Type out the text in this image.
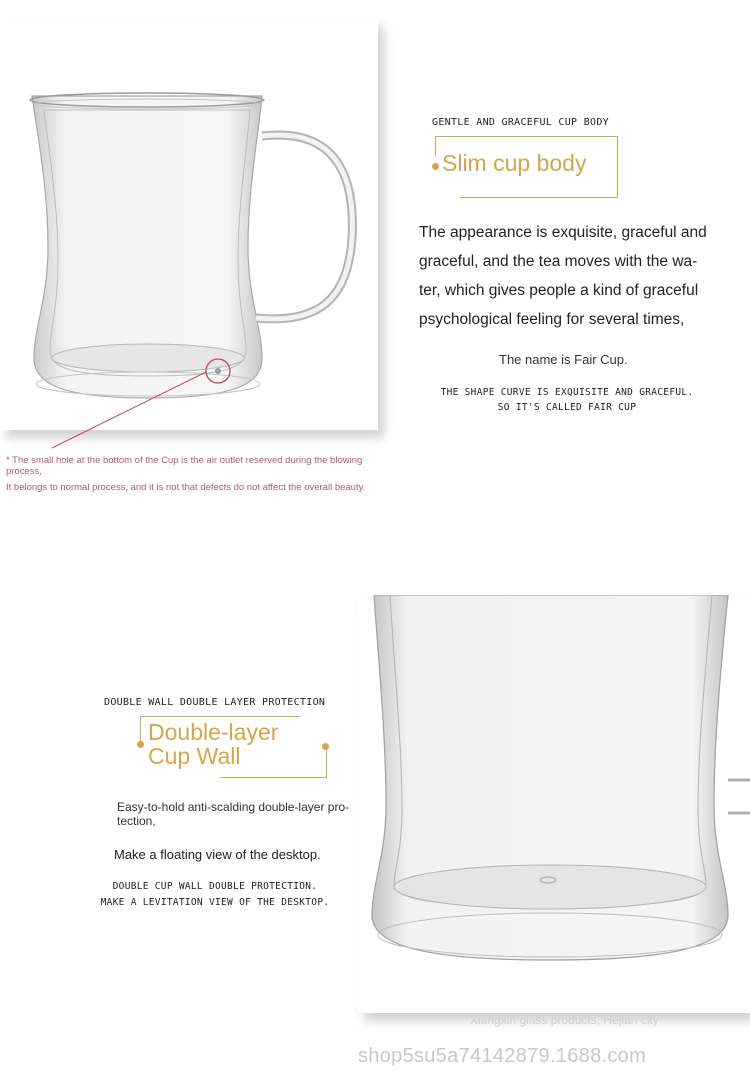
* The small hole at the bottom of the Cup is the air outlet reserved during the blowing
process,
It belongs to normal process, and it is not that defects do not affect the overall beauty.
GENTLE AND GRACEFUL CUP BODY
Slim cup body
The appearance is exquisite, graceful and
graceful, and the tea moves with the wa-
ter, which gives people a kind of graceful
psychological feeling for several times,
The name is Fair Cup.
THE SHAPE CURVE IS EXQUISITE AND GRACEFUL.
SO IT'S CALLED FAIR CUP
DOUBLE WALL DOUBLE LAYER PROTECTION
Double-layer
Cup Wall
Easy-to-hold anti-scalding double-layer pro-
tection,
Make a floating view of the desktop.
DOUBLE CUP WALL DOUBLE PROTECTION.
MAKE A LEVITATION VIEW OF THE DESKTOP.
Xiangxin glass products, Hejian city
shop5su5a74142879.1688.com
